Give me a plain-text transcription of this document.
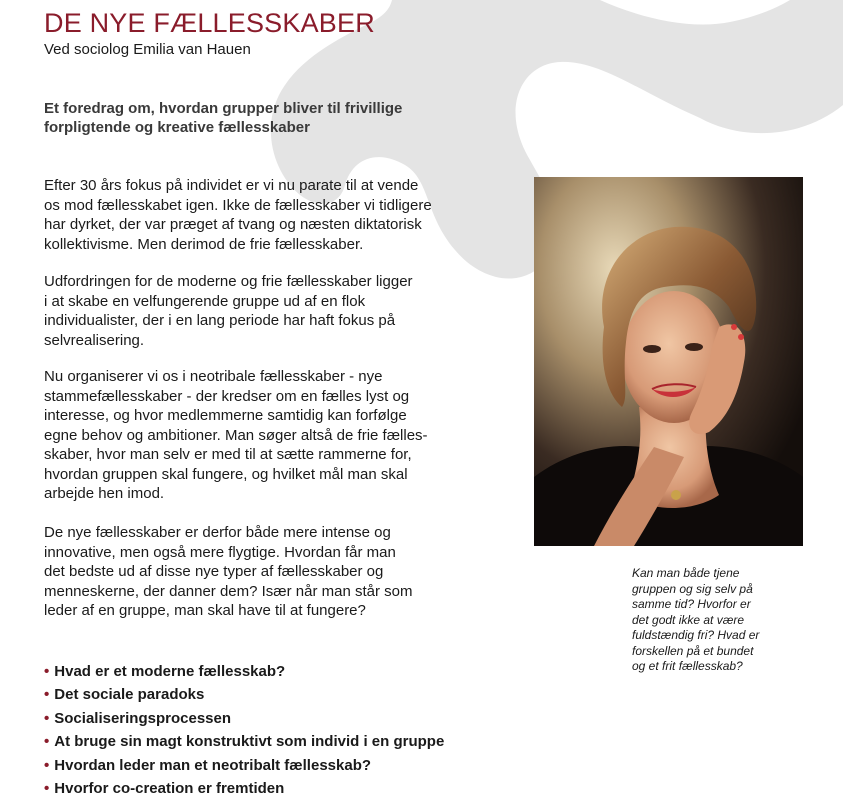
DE NYE FÆLLESSKABER

Ved sociolog Emilia van Hauen

Et foredrag om, hvordan grupper bliver til frivillige
forpligtende og kreative fællesskaber

Efter 30 års fokus på individet er vi nu parate til at vende
os mod fællesskabet igen. Ikke de fællesskaber vi tidligere
har dyrket, der var præget af tvang og næsten diktatorisk
kollektivisme. Men derimod de frie fællesskaber.

Udfordringen for de moderne og frie fællesskaber ligger
i at skabe en velfungerende gruppe ud af en flok
individualister, der i en lang periode har haft fokus på
selvrealisering.

Nu organiserer vi os i neotribale fællesskaber - nye
stammefællesskaber - der kredser om en fælles lyst og
interesse, og hvor medlemmerne samtidig kan forfølge
egne behov og ambitioner. Man søger altså de frie fælles-
skaber, hvor man selv er med til at sætte rammerne for,
hvordan gruppen skal fungere, og hvilket mål man skal
arbejde hen imod.

De nye fællesskaber er derfor både mere intense og
innovative, men også mere flygtige. Hvordan får man
det bedste ud af disse nye typer af fællesskaber og
menneskerne, der danner dem? Især når man står som
leder af en gruppe, man skal have til at fungere?

• Hvad er et moderne fællesskab?
• Det sociale paradoks
• Socialiseringsprocessen
• At bruge sin magt konstruktivt som individ i en gruppe
• Hvordan leder man et neotribalt fællesskab?
• Hvorfor co-creation er fremtiden

Kan man både tjene
gruppen og sig selv på
samme tid? Hvorfor er
det godt ikke at være
fuldstændig fri? Hvad er
forskellen på et bundet
og et frit fællesskab?
